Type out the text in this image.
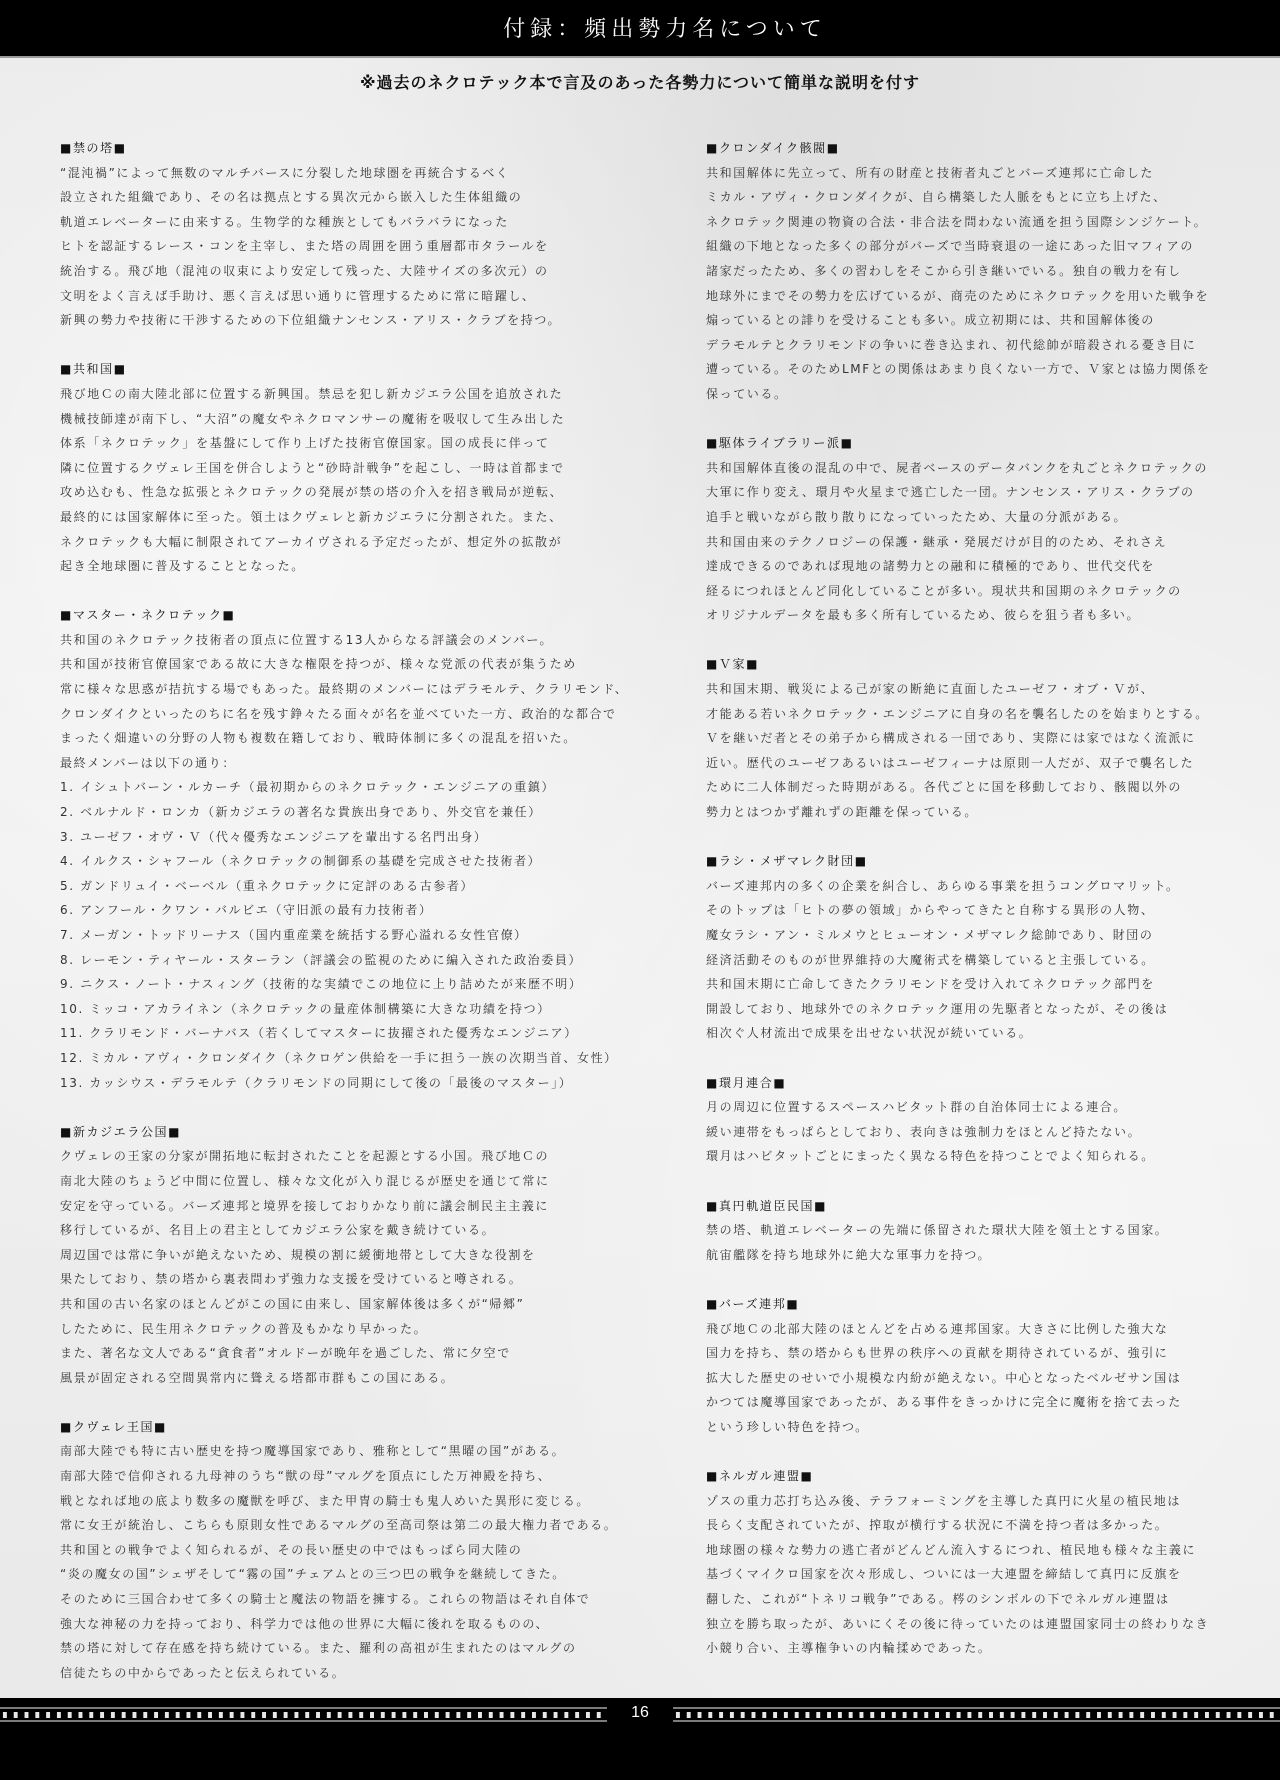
付録：頻出勢力名について
※過去のネクロテック本で言及のあった各勢力について簡単な説明を付す
■禁の塔■
“混沌禍”によって無数のマルチバースに分裂した地球圏を再統合するべく
設立された組織であり、その名は拠点とする異次元から嵌入した生体組織の
軌道エレベーターに由来する。生物学的な種族としてもバラバラになった
ヒトを認証するレース・コンを主宰し、また塔の周囲を囲う重層都市タラールを
統治する。飛び地（混沌の収束により安定して残った、大陸サイズの多次元）の
文明をよく言えば手助け、悪く言えば思い通りに管理するために常に暗躍し、
新興の勢力や技術に干渉するための下位組織ナンセンス・アリス・クラブを持つ。
■共和国■
飛び地Ｃの南大陸北部に位置する新興国。禁忌を犯し新カジエラ公国を追放された
機械技師達が南下し、“大沼”の魔女やネクロマンサーの魔術を吸収して生み出した
体系「ネクロテック」を基盤にして作り上げた技術官僚国家。国の成長に伴って
隣に位置するクヴェレ王国を併合しようと“砂時計戦争”を起こし、一時は首都まで
攻め込むも、性急な拡張とネクロテックの発展が禁の塔の介入を招き戦局が逆転、
最終的には国家解体に至った。領土はクヴェレと新カジエラに分割された。また、
ネクロテックも大幅に制限されてアーカイヴされる予定だったが、想定外の拡散が
起き全地球圏に普及することとなった。
■マスター・ネクロテック■
共和国のネクロテック技術者の頂点に位置する13人からなる評議会のメンバー。
共和国が技術官僚国家である故に大きな権限を持つが、様々な党派の代表が集うため
常に様々な思惑が拮抗する場でもあった。最終期のメンバーにはデラモルテ、クラリモンド、
クロンダイクといったのちに名を残す錚々たる面々が名を並べていた一方、政治的な都合で
まったく畑違いの分野の人物も複数在籍しており、戦時体制に多くの混乱を招いた。
最終メンバーは以下の通り：
1. イシュトバーン・ルカーチ（最初期からのネクロテック・エンジニアの重鎮）
2. ベルナルド・ロンカ（新カジエラの著名な貴族出身であり、外交官を兼任）
3. ユーゼフ・オヴ・Ｖ（代々優秀なエンジニアを輩出する名門出身）
4. イルクス・シャフール（ネクロテックの制御系の基礎を完成させた技術者）
5. ガンドリュイ・ベーベル（重ネクロテックに定評のある古参者）
6. アンフール・クワン・バルビエ（守旧派の最有力技術者）
7. メーガン・トッドリーナス（国内重産業を統括する野心溢れる女性官僚）
8. レーモン・ティヤール・スターラン（評議会の監視のために編入された政治委員）
9. ニクス・ノート・ナスィング（技術的な実績でこの地位に上り詰めたが来歴不明）
10. ミッコ・アカライネン（ネクロテックの量産体制構築に大きな功績を持つ）
11. クラリモンド・バーナバス（若くしてマスターに抜擢された優秀なエンジニア）
12. ミカル・アヴィ・クロンダイク（ネクロゲン供給を一手に担う一族の次期当首、女性）
13. カッシウス・デラモルテ（クラリモンドの同期にして後の「最後のマスター」）
■新カジエラ公国■
クヴェレの王家の分家が開拓地に転封されたことを起源とする小国。飛び地Ｃの
南北大陸のちょうど中間に位置し、様々な文化が入り混じるが歴史を通じて常に
安定を守っている。バーズ連邦と境界を接しておりかなり前に議会制民主主義に
移行しているが、名目上の君主としてカジエラ公家を戴き続けている。
周辺国では常に争いが絶えないため、規模の割に緩衝地帯として大きな役割を
果たしており、禁の塔から裏表問わず強力な支援を受けていると噂される。
共和国の古い名家のほとんどがこの国に由来し、国家解体後は多くが“帰郷”
したために、民生用ネクロテックの普及もかなり早かった。
また、著名な文人である“貪食者”オルドーが晩年を過ごした、常に夕空で
風景が固定される空間異常内に聳える塔都市群もこの国にある。
■クヴェレ王国■
南部大陸でも特に古い歴史を持つ魔導国家であり、雅称として“黒曜の国”がある。
南部大陸で信仰される九母神のうち“獣の母”マルグを頂点にした万神殿を持ち、
戦となれば地の底より数多の魔獣を呼び、また甲冑の騎士も鬼人めいた異形に変じる。
常に女王が統治し、こちらも原則女性であるマルグの至高司祭は第二の最大権力者である。
共和国との戦争でよく知られるが、その長い歴史の中ではもっぱら同大陸の
“炎の魔女の国”シェザそして“霧の国”チェアムとの三つ巴の戦争を継続してきた。
そのために三国合わせて多くの騎士と魔法の物語を擁する。これらの物語はそれ自体で
強大な神秘の力を持っており、科学力では他の世界に大幅に後れを取るものの、
禁の塔に対して存在感を持ち続けている。また、羅利の高祖が生まれたのはマルグの
信徒たちの中からであったと伝えられている。
■クロンダイク骸閥■
共和国解体に先立って、所有の財産と技術者丸ごとバーズ連邦に亡命した
ミカル・アヴィ・クロンダイクが、自ら構築した人脈をもとに立ち上げた、
ネクロテック関連の物資の合法・非合法を問わない流通を担う国際シンジケート。
組織の下地となった多くの部分がバーズで当時衰退の一途にあった旧マフィアの
諸家だったため、多くの習わしをそこから引き継いでいる。独自の戦力を有し
地球外にまでその勢力を広げているが、商売のためにネクロテックを用いた戦争を
煽っているとの誹りを受けることも多い。成立初期には、共和国解体後の
デラモルテとクラリモンドの争いに巻き込まれ、初代総帥が暗殺される憂き目に
遭っている。そのためLMFとの関係はあまり良くない一方で、Ｖ家とは協力関係を
保っている。
■駆体ライブラリー派■
共和国解体直後の混乱の中で、屍者ベースのデータバンクを丸ごとネクロテックの
大軍に作り変え、環月や火星まで逃亡した一団。ナンセンス・アリス・クラブの
追手と戦いながら散り散りになっていったため、大量の分派がある。
共和国由来のテクノロジーの保護・継承・発展だけが目的のため、それさえ
達成できるのであれば現地の諸勢力との融和に積極的であり、世代交代を
経るにつれほとんど同化していることが多い。現状共和国期のネクロテックの
オリジナルデータを最も多く所有しているため、彼らを狙う者も多い。
■Ｖ家■
共和国末期、戦災による己が家の断絶に直面したユーゼフ・オブ・Ｖが、
才能ある若いネクロテック・エンジニアに自身の名を襲名したのを始まりとする。
Ｖを継いだ者とその弟子から構成される一団であり、実際には家ではなく流派に
近い。歴代のユーゼフあるいはユーゼフィーナは原則一人だが、双子で襲名した
ために二人体制だった時期がある。各代ごとに国を移動しており、骸閥以外の
勢力とはつかず離れずの距離を保っている。
■ラシ・メザマレク財団■
バーズ連邦内の多くの企業を糾合し、あらゆる事業を担うコングロマリット。
そのトップは「ヒトの夢の領域」からやってきたと自称する異形の人物、
魔女ラシ・アン・ミルメウとヒューオン・メザマレク総帥であり、財団の
経済活動そのものが世界維持の大魔術式を構築していると主張している。
共和国末期に亡命してきたクラリモンドを受け入れてネクロテック部門を
開設しており、地球外でのネクロテック運用の先駆者となったが、その後は
相次ぐ人材流出で成果を出せない状況が続いている。
■環月連合■
月の周辺に位置するスペースハビタット群の自治体同士による連合。
緩い連帯をもっぱらとしており、表向きは強制力をほとんど持たない。
環月はハビタットごとにまったく異なる特色を持つことでよく知られる。
■真円軌道臣民国■
禁の塔、軌道エレベーターの先端に係留された環状大陸を領土とする国家。
航宙艦隊を持ち地球外に絶大な軍事力を持つ。
■バーズ連邦■
飛び地Ｃの北部大陸のほとんどを占める連邦国家。大きさに比例した強大な
国力を持ち、禁の塔からも世界の秩序への貢献を期待されているが、強引に
拡大した歴史のせいで小規模な内紛が絶えない。中心となったベルゼサン国は
かつては魔導国家であったが、ある事件をきっかけに完全に魔術を捨て去った
という珍しい特色を持つ。
■ネルガル連盟■
ゾスの重力芯打ち込み後、テラフォーミングを主導した真円に火星の植民地は
長らく支配されていたが、搾取が横行する状況に不満を持つ者は多かった。
地球圏の様々な勢力の逃亡者がどんどん流入するにつれ、植民地も様々な主義に
基づくマイクロ国家を次々形成し、ついには一大連盟を締結して真円に反旗を
翻した、これが“トネリコ戦争”である。梣のシンボルの下でネルガル連盟は
独立を勝ち取ったが、あいにくその後に待っていたのは連盟国家同士の終わりなき
小競り合い、主導権争いの内輪揉めであった。
16
